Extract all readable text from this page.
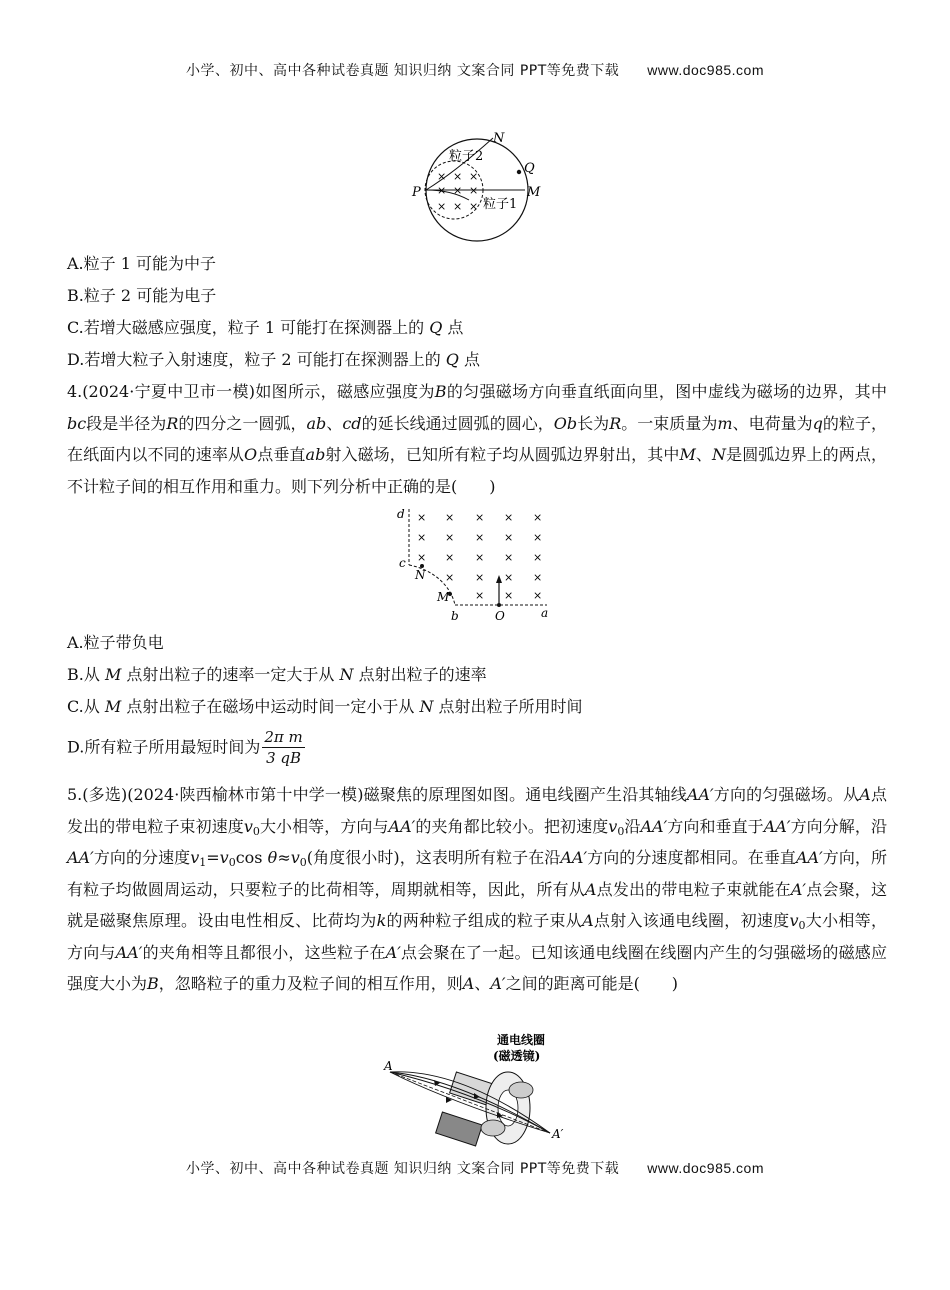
小学、初中、高中各种试卷真题 知识归纳 文案合同 PPT等免费下载 www.doc985.com
× × ×
× × ×
× × ×
N
Q
P	M
粒子2
粒子1
A.粒子 1 可能为中子
B.粒子 2 可能为电子
C.若增大磁感应强度，粒子 1 可能打在探测器上的 Q 点
D.若增大粒子入射速度，粒子 2 可能打在探测器上的 Q 点

4.(2024·宁夏中卫市一模)如图所示，磁感应强度为B的匀强磁场方向垂直纸面向里，图中虚线为磁场的边界，其中bc段是半径为R的四分之一圆弧，ab、cd的延长线通过圆弧的圆心，Ob长为R。一束质量为m、电荷量为q的粒子，在纸面内以不同的速率从O点垂直ab射入磁场，已知所有粒子均从圆弧边界射出，其中M、N是圆弧边界上的两点，不计粒子间的相互作用和重力。则下列分析中正确的是(　　)

× × × × ×
× × × × ×
× × × × ×
× × × ×
× × ×
d
c
N
M
b	O	a
A.粒子带负电
B.从 M 点射出粒子的速率一定大于从 N 点射出粒子的速率
C.从 M 点射出粒子在磁场中运动时间一定小于从 N 点射出粒子所用时间
D.所有粒子所用最短时间为 $\frac{\text{2π m}}{3 qB}$

5.(多选)(2024·陕西榆林市第十中学一模)磁聚焦的原理图如图。通电线圈产生沿其轴线AA′方向的匀强磁场。从A点发出的带电粒子束初速度$v_0$大小相等，方向与AA′的夹角都比较小。把初速度$v_0$沿AA′方向和垂直于AA′方向分解，沿AA′方向的分速度$v_1=v_0\cos$ $\theta\approx v_0$(角度很小时)，这表明所有粒子在沿AA′方向的分速度都相同。在垂直AA′方向，所有粒子均做圆周运动，只要粒子的比荷相等，周期就相等，因此，所有从A点发出的带电粒子束就能在A′点会聚，这就是磁聚焦原理。设由电性相反、比荷均为k的两种粒子组成的粒子束从A点射入该通电线圈，初速度$v_0$大小相等，方向与AA′的夹角相等且都很小，这些粒子在A′点会聚在了一起。已知该通电线圈在线圈内产生的匀强磁场的磁感应强度大小为B，忽略粒子的重力及粒子间的相互作用，则A、A′之间的距离可能是(　　)

通电线圈
(磁透镜)
A
A′
小学、初中、高中各种试卷真题 知识归纳 文案合同 PPT等免费下载 www.doc985.com
